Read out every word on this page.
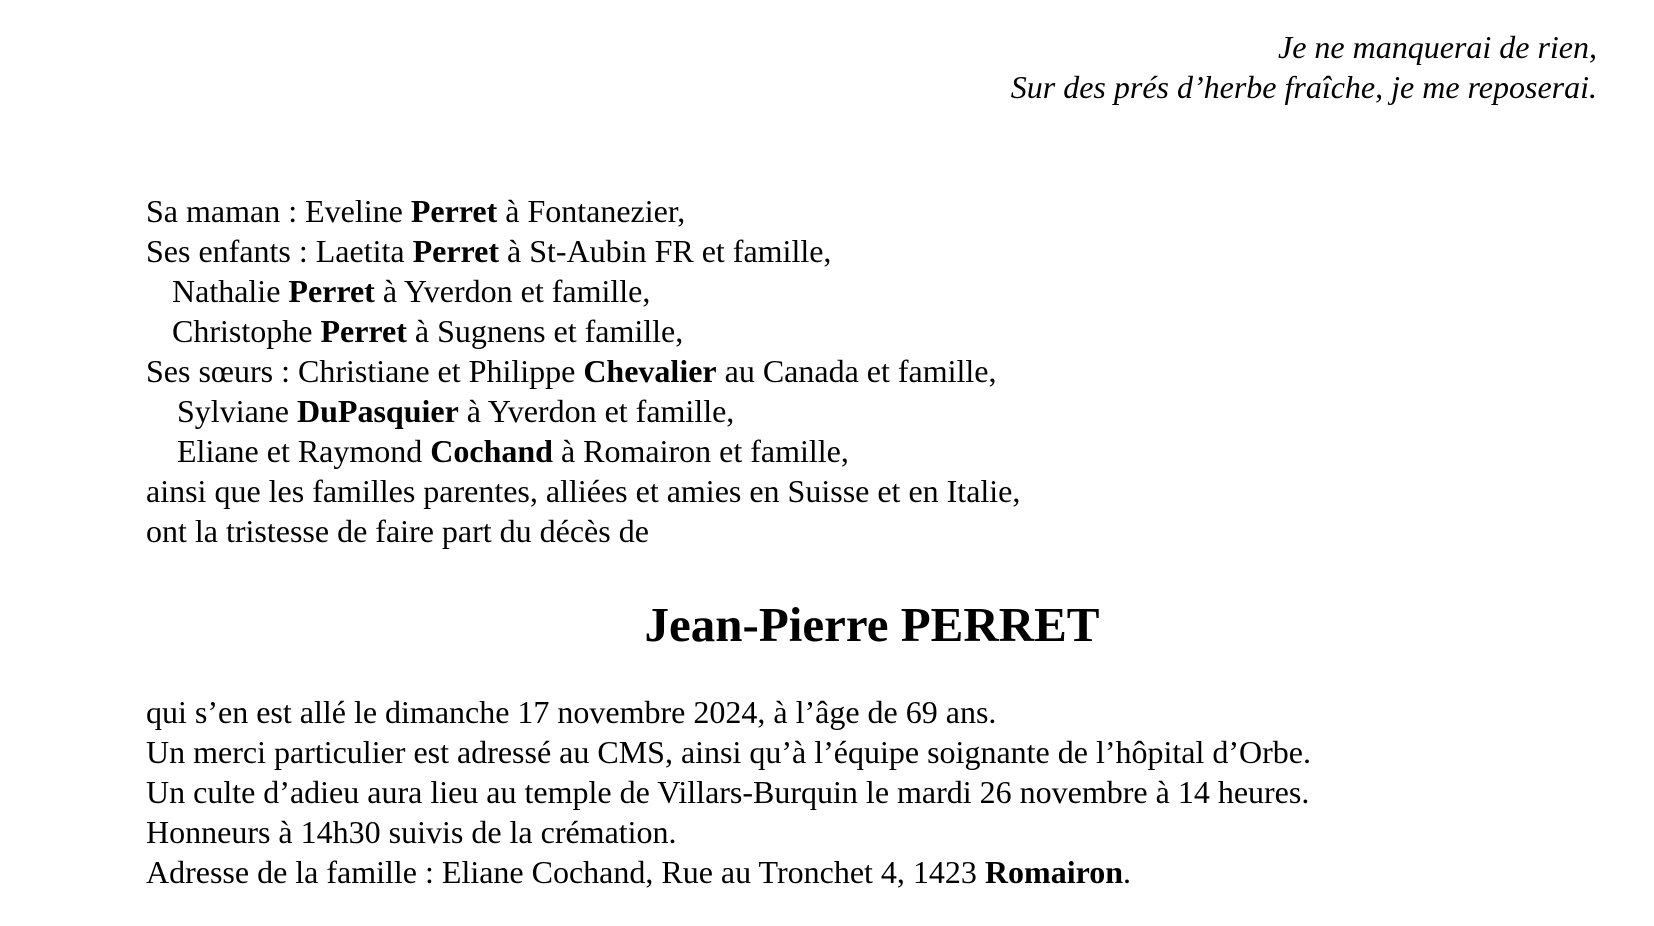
Je ne manquerai de rien,
Sur des prés d’herbe fraîche, je me reposerai.
Sa maman : Eveline Perret à Fontanezier,
Ses enfants : Laetita Perret à St-Aubin FR et famille,
Nathalie Perret à Yverdon et famille,
Christophe Perret à Sugnens et famille,
Ses sœurs : Christiane et Philippe Chevalier au Canada et famille,
Sylviane DuPasquier à Yverdon et famille,
Eliane et Raymond Cochand à Romairon et famille,
ainsi que les familles parentes, alliées et amies en Suisse et en Italie,
ont la tristesse de faire part du décès de
Jean-Pierre PERRET
qui s’en est allé le dimanche 17 novembre 2024, à l’âge de 69 ans.
Un merci particulier est adressé au CMS, ainsi qu’à l’équipe soignante de l’hôpital d’Orbe.
Un culte d’adieu aura lieu au temple de Villars-Burquin le mardi 26 novembre à 14 heures.
Honneurs à 14h30 suivis de la crémation.
Adresse de la famille : Eliane Cochand, Rue au Tronchet 4, 1423 Romairon.
